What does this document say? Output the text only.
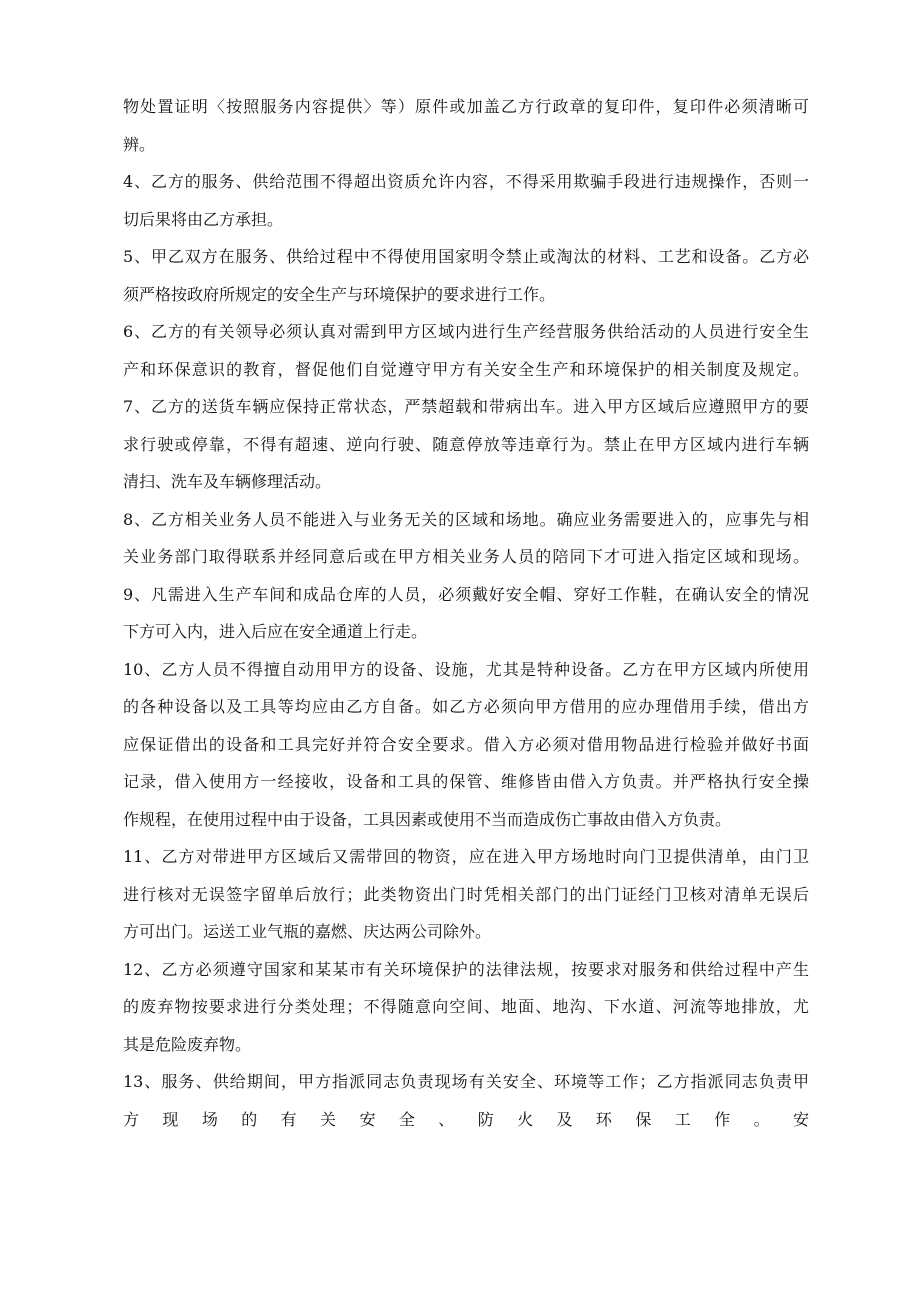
物处置证明〈按照服务内容提供〉等）原件或加盖乙方行政章的复印件，复印件必须清晰可
辨。
4、乙方的服务、供给范围不得超出资质允许内容，不得采用欺骗手段进行违规操作，否则一
切后果将由乙方承担。
5、甲乙双方在服务、供给过程中不得使用国家明令禁止或淘汰的材料、工艺和设备。乙方必
须严格按政府所规定的安全生产与环境保护的要求进行工作。
6、乙方的有关领导必须认真对需到甲方区域内进行生产经营服务供给活动的人员进行安全生
产和环保意识的教育，督促他们自觉遵守甲方有关安全生产和环境保护的相关制度及规定。
7、乙方的送货车辆应保持正常状态，严禁超载和带病出车。进入甲方区域后应遵照甲方的要
求行驶或停靠，不得有超速、逆向行驶、随意停放等违章行为。禁止在甲方区域内进行车辆
清扫、洗车及车辆修理活动。
8、乙方相关业务人员不能进入与业务无关的区域和场地。确应业务需要进入的，应事先与相
关业务部门取得联系并经同意后或在甲方相关业务人员的陪同下才可进入指定区域和现场。
9、凡需进入生产车间和成品仓库的人员，必须戴好安全帽、穿好工作鞋，在确认安全的情况
下方可入内，进入后应在安全通道上行走。
10、乙方人员不得擅自动用甲方的设备、设施，尤其是特种设备。乙方在甲方区域内所使用
的各种设备以及工具等均应由乙方自备。如乙方必须向甲方借用的应办理借用手续，借出方
应保证借出的设备和工具完好并符合安全要求。借入方必须对借用物品进行检验并做好书面
记录，借入使用方一经接收，设备和工具的保管、维修皆由借入方负责。并严格执行安全操
作规程，在使用过程中由于设备，工具因素或使用不当而造成伤亡事故由借入方负责。
11、乙方对带进甲方区域后又需带回的物资，应在进入甲方场地时向门卫提供清单，由门卫
进行核对无误签字留单后放行；此类物资出门时凭相关部门的出门证经门卫核对清单无误后
方可出门。运送工业气瓶的嘉燃、庆达两公司除外。
12、乙方必须遵守国家和某某市有关环境保护的法律法规，按要求对服务和供给过程中产生
的废弃物按要求进行分类处理；不得随意向空间、地面、地沟、下水道、河流等地排放，尤
其是危险废弃物。
13、服务、供给期间，甲方指派同志负责现场有关安全、环境等工作；乙方指派同志负责甲
方 现 场 的 有 关 安 全 、 防 火 及 环 保 工 作 。 安
